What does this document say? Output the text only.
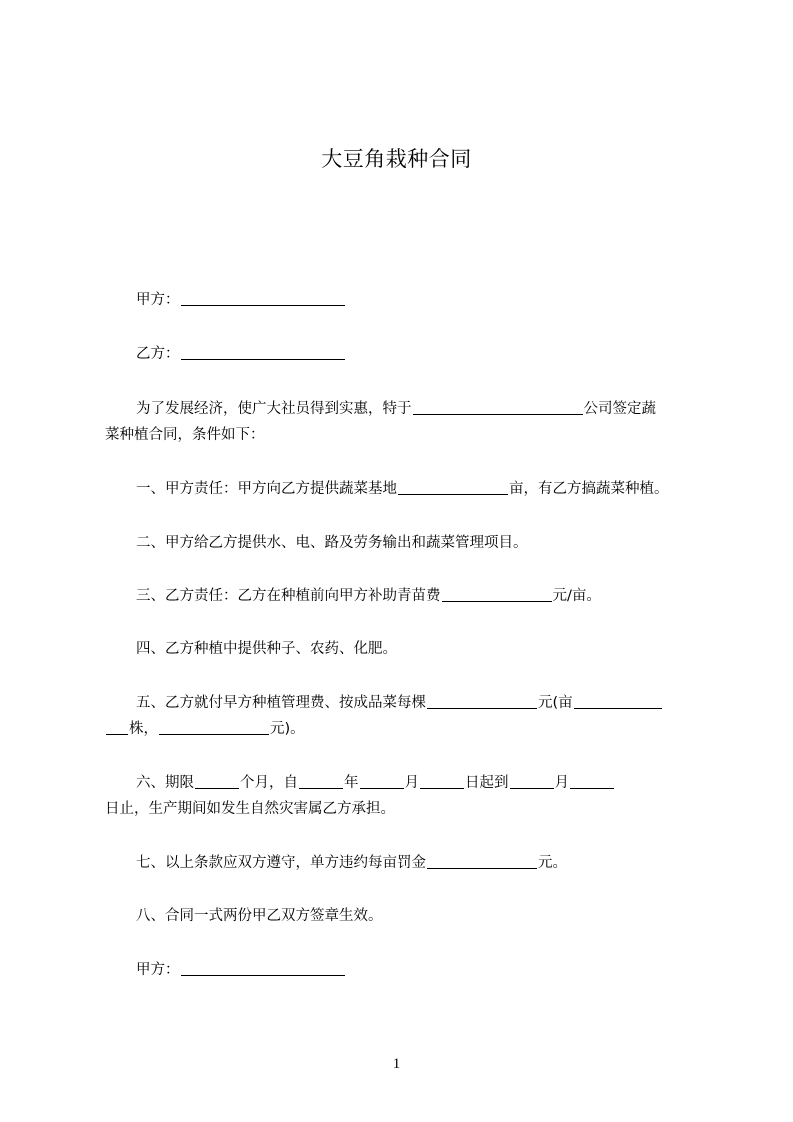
大豆角栽种合同
甲方：
乙方：
为了发展经济，使广大社员得到实惠，特于	公司签定蔬
菜种植合同，条件如下：
一、甲方责任：甲方向乙方提供蔬菜基地	亩，有乙方搞蔬菜种植。
二、甲方给乙方提供水、电、路及劳务输出和蔬菜管理项目。
三、乙方责任：乙方在种植前向甲方补助青苗费	元/亩。
四、乙方种植中提供种子、农药、化肥。
五、乙方就付早方种植管理费、按成品菜每棵	元(亩
株，	元)。
六、期限	个月，自	年	月	日起到	月
日止，生产期间如发生自然灾害属乙方承担。
七、以上条款应双方遵守，单方违约每亩罚金	元。
八、合同一式两份甲乙双方签章生效。
甲方：
1
